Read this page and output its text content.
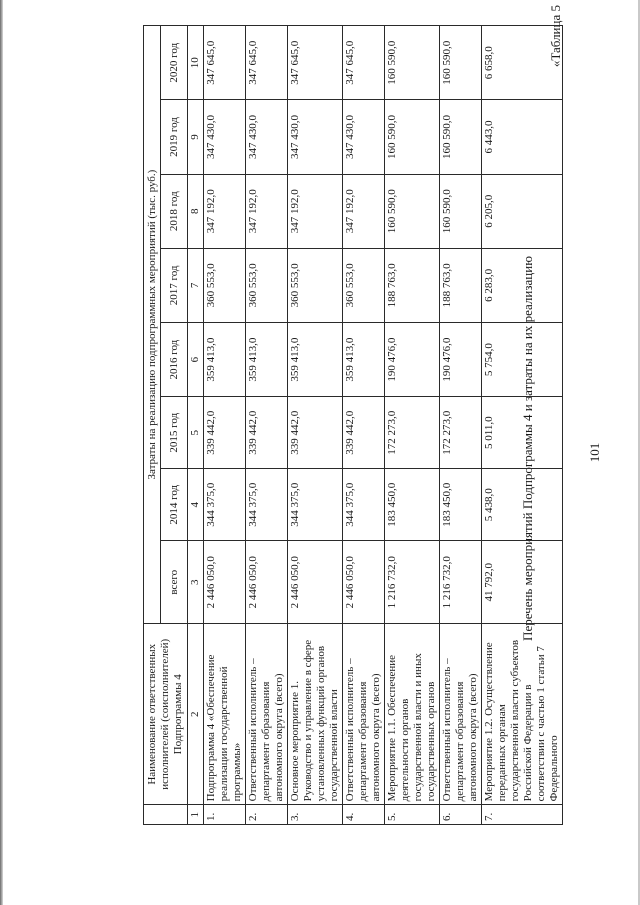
101
«Таблица 5
Перечень мероприятий Подпрограммы 4 и затраты на их реализацию
	Наименование ответственных исполнителей (соисполнителей) Подпрограммы 4	Затраты на реализацию подпрограммных мероприятий (тыс. руб.)							
		всего	2014 год	2015 год	2016 год	2017 год	2018 год	2019 год	2020 год
1	2	3	4	5	6	7	8	9	10
1.	Подпрограмма 4 «Обеспечение реализации государственной программы»	2 446 050,0	344 375,0	339 442,0	359 413,0	360 553,0	347 192,0	347 430,0	347 645,0
2.	Ответственный исполнитель – департамент образования автономного округа (всего)	2 446 050,0	344 375,0	339 442,0	359 413,0	360 553,0	347 192,0	347 430,0	347 645,0
3.	Основное мероприятие 1. Руководство и управление в сфере установленных функций органов государственной власти	2 446 050,0	344 375,0	339 442,0	359 413,0	360 553,0	347 192,0	347 430,0	347 645,0
4.	Ответственный исполнитель – департамент образования автономного округа (всего)	2 446 050,0	344 375,0	339 442,0	359 413,0	360 553,0	347 192,0	347 430,0	347 645,0
5.	Мероприятие 1.1. Обеспечение деятельности органов государственной власти и иных государственных органов	1 216 732,0	183 450,0	172 273,0	190 476,0	188 763,0	160 590,0	160 590,0	160 590,0
6.	Ответственный исполнитель – департамент образования автономного округа (всего)	1 216 732,0	183 450,0	172 273,0	190 476,0	188 763,0	160 590,0	160 590,0	160 590,0
7.	Мероприятие 1.2. Осуществление переданных органам государственной власти субъектов Российской Федерации в соответствии с частью 1 статьи 7 Федерального	41 792,0	5 438,0	5 011,0	5 754,0	6 283,0	6 205,0	6 443,0	6 658,0
